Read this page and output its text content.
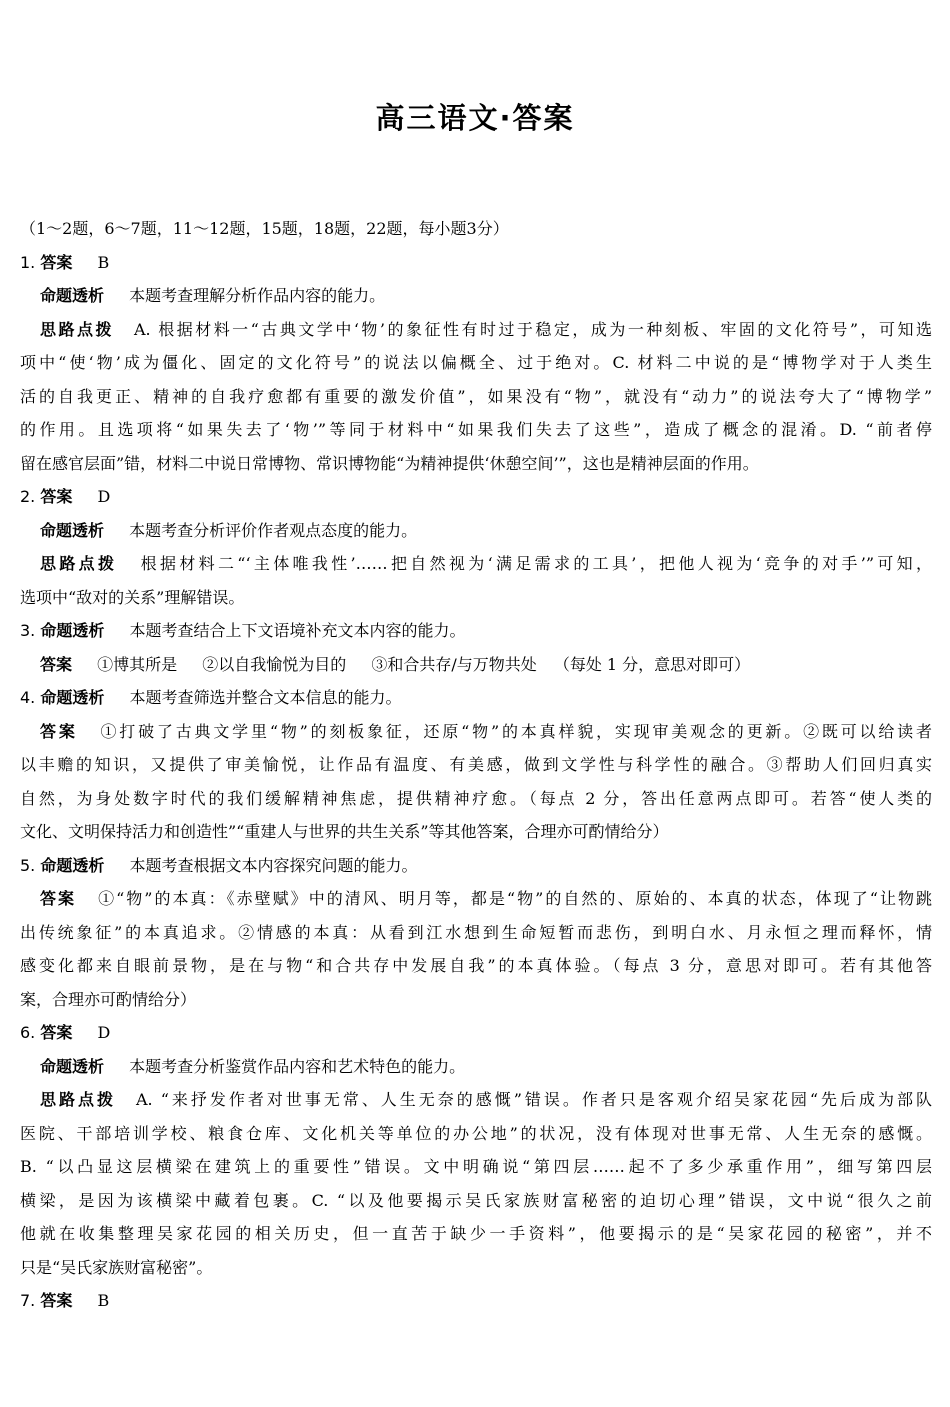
高三语文·答案
（1～2题，6～7题，11～12题，15题，18题，22题，每小题3分）
1. 答案 B
命题透析 本题考查理解分析作品内容的能力。
思路点拨 A. 根据材料一“古典文学中‘物’的象征性有时过于稳定，成为一种刻板、牢固的文化符号”，可知选
项中“使‘物’成为僵化、固定的文化符号”的说法以偏概全、过于绝对。C. 材料二中说的是“博物学对于人类生
活的自我更正、精神的自我疗愈都有重要的激发价值”，如果没有“物”，就没有“动力”的说法夸大了“博物学”
的作用。且选项将“如果失去了‘物’”等同于材料中“如果我们失去了这些”，造成了概念的混淆。D. “前者停
留在感官层面”错，材料二中说日常博物、常识博物能“为精神提供‘休憩空间’”，这也是精神层面的作用。
2. 答案 D
命题透析 本题考查分析评价作者观点态度的能力。
思路点拨 根据材料二“‘主体唯我性’……把自然视为‘满足需求的工具’，把他人视为‘竞争的对手’”可知，
选项中“敌对的关系”理解错误。
3. 命题透析 本题考查结合上下文语境补充文本内容的能力。
答案 ①博其所是 ②以自我愉悦为目的 ③和合共存/与万物共处 （每处 1 分，意思对即可）
4. 命题透析 本题考查筛选并整合文本信息的能力。
答案 ①打破了古典文学里“物”的刻板象征，还原“物”的本真样貌，实现审美观念的更新。②既可以给读者
以丰赡的知识，又提供了审美愉悦，让作品有温度、有美感，做到文学性与科学性的融合。③帮助人们回归真实
自然，为身处数字时代的我们缓解精神焦虑，提供精神疗愈。（每点 2 分，答出任意两点即可。若答“使人类的
文化、文明保持活力和创造性”“重建人与世界的共生关系”等其他答案，合理亦可酌情给分）
5. 命题透析 本题考查根据文本内容探究问题的能力。
答案 ①“物”的本真：《赤壁赋》中的清风、明月等，都是“物”的自然的、原始的、本真的状态，体现了“让物跳
出传统象征”的本真追求。②情感的本真：从看到江水想到生命短暂而悲伤，到明白水、月永恒之理而释怀，情
感变化都来自眼前景物，是在与物“和合共存中发展自我”的本真体验。（每点 3 分，意思对即可。若有其他答
案，合理亦可酌情给分）
6. 答案 D
命题透析 本题考查分析鉴赏作品内容和艺术特色的能力。
思路点拨 A. “来抒发作者对世事无常、人生无奈的感慨”错误。作者只是客观介绍吴家花园“先后成为部队
医院、干部培训学校、粮食仓库、文化机关等单位的办公地”的状况，没有体现对世事无常、人生无奈的感慨。
B. “以凸显这层横梁在建筑上的重要性”错误。文中明确说“第四层……起不了多少承重作用”，细写第四层
横梁，是因为该横梁中藏着包裹。C. “以及他要揭示吴氏家族财富秘密的迫切心理”错误，文中说“很久之前
他就在收集整理吴家花园的相关历史，但一直苦于缺少一手资料”，他要揭示的是“吴家花园的秘密”，并不
只是“吴氏家族财富秘密”。
7. 答案 B
